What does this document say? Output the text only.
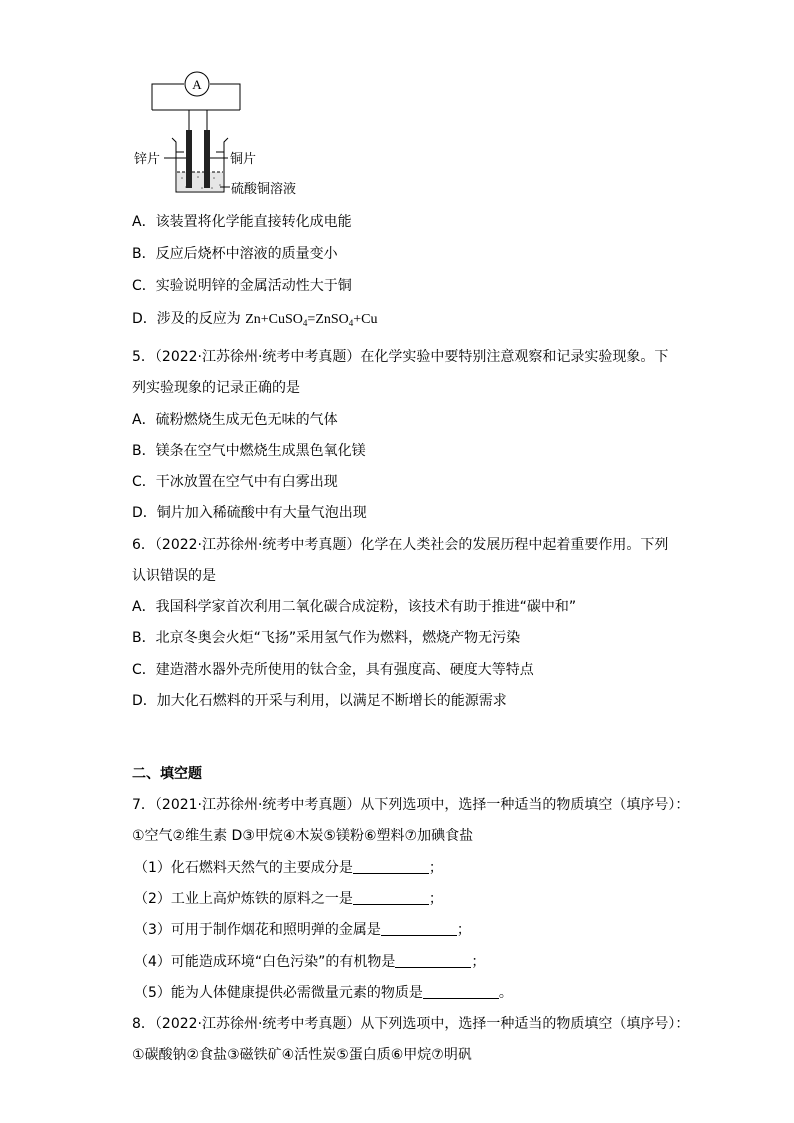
A
锌片	铜片
硫酸铜溶液
A．该装置将化学能直接转化成电能
B．反应后烧杯中溶液的质量变小
C．实验说明锌的金属活动性大于铜
D．涉及的反应为 Zn+CuSO$_4$=ZnSO$_4$+Cu
5．（2022·江苏徐州·统考中考真题）在化学实验中要特别注意观察和记录实验现象。下
列实验现象的记录正确的是
A．硫粉燃烧生成无色无味的气体
B．镁条在空气中燃烧生成黑色氧化镁
C．干冰放置在空气中有白雾出现
D．铜片加入稀硫酸中有大量气泡出现
6．（2022·江苏徐州·统考中考真题）化学在人类社会的发展历程中起着重要作用。下列
认识错误的是
A．我国科学家首次利用二氧化碳合成淀粉，该技术有助于推进“碳中和”
B．北京冬奥会火炬“飞扬”采用氢气作为燃料，燃烧产物无污染
C．建造潜水器外壳所使用的钛合金，具有强度高、硬度大等特点
D．加大化石燃料的开采与利用，以满足不断增长的能源需求
二、填空题
7．（2021·江苏徐州·统考中考真题）从下列选项中，选择一种适当的物质填空（填序号）：
①空气②维生素 D③甲烷④木炭⑤镁粉⑥塑料⑦加碘食盐
（1）化石燃料天然气的主要成分是	；
（2）工业上高炉炼铁的原料之一是	；
（3）可用于制作烟花和照明弹的金属是	；
（4）可能造成环境“白色污染”的有机物是	；
（5）能为人体健康提供必需微量元素的物质是	。
8．（2022·江苏徐州·统考中考真题）从下列选项中，选择一种适当的物质填空（填序号）：
①碳酸钠②食盐③磁铁矿④活性炭⑤蛋白质⑥甲烷⑦明矾
